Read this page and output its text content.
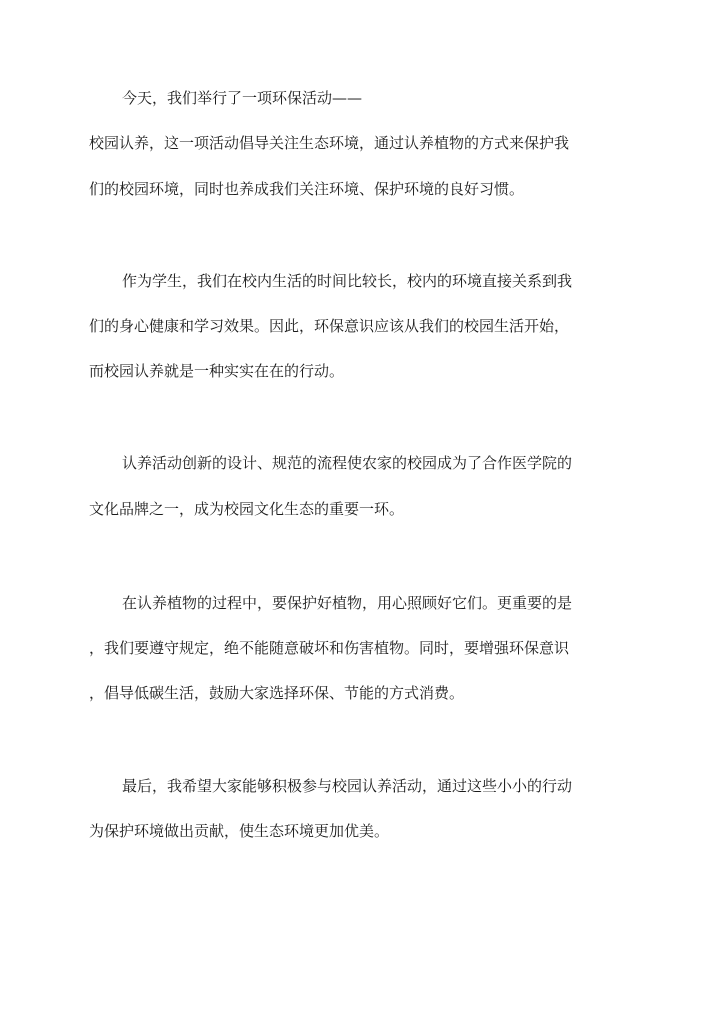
今天，我们举行了一项环保活动——
校园认养，这一项活动倡导关注生态环境，通过认养植物的方式来保护我
们的校园环境，同时也养成我们关注环境、保护环境的良好习惯。
作为学生，我们在校内生活的时间比较长，校内的环境直接关系到我
们的身心健康和学习效果。因此，环保意识应该从我们的校园生活开始，
而校园认养就是一种实实在在的行动。
认养活动创新的设计、规范的流程使农家的校园成为了合作医学院的
文化品牌之一，成为校园文化生态的重要一环。
在认养植物的过程中，要保护好植物，用心照顾好它们。更重要的是
，我们要遵守规定，绝不能随意破坏和伤害植物。同时，要增强环保意识
，倡导低碳生活，鼓励大家选择环保、节能的方式消费。
最后，我希望大家能够积极参与校园认养活动，通过这些小小的行动
为保护环境做出贡献，使生态环境更加优美。
